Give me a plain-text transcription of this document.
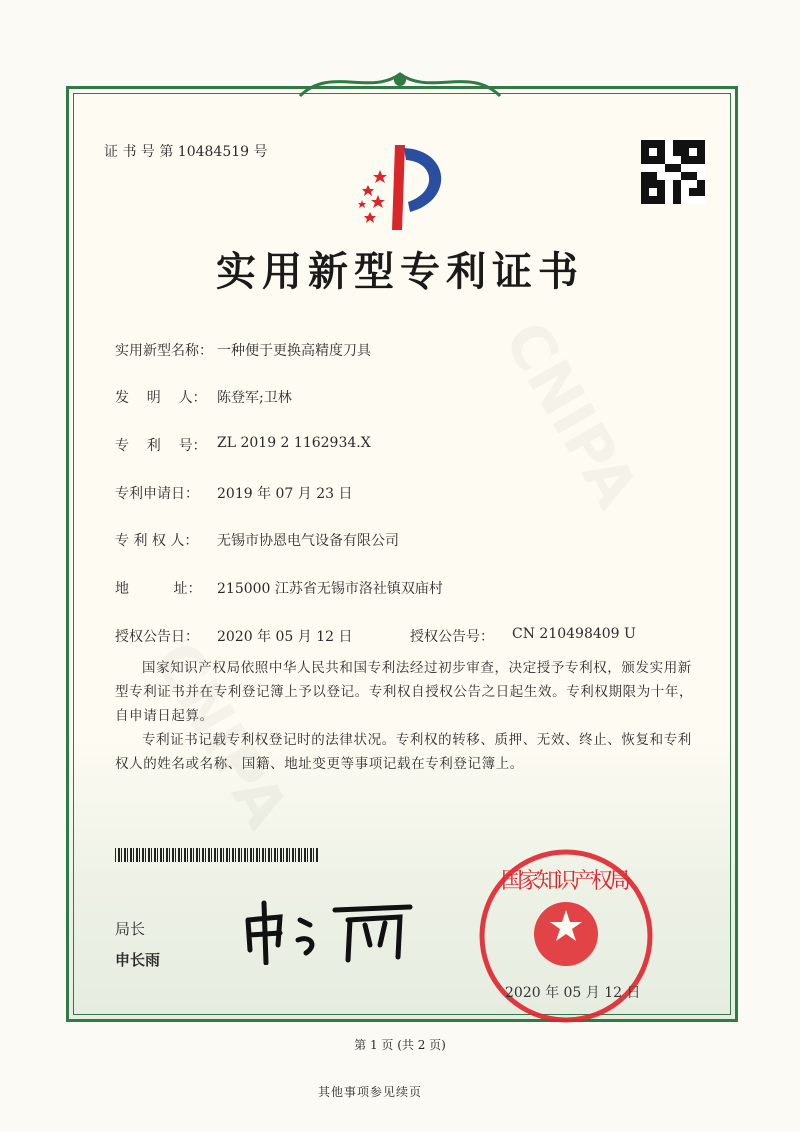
证 书 号 第 10484519 号
实用新型专利证书
实用新型名称： 一种便于更换高精度刀具
发    明    人： 陈登军;卫林
专    利    号： ZL 2019 2 1162934.X
专利申请日： 2019 年 07 月 23 日
专 利 权 人： 无锡市协恩电气设备有限公司
地          址： 215000 江苏省无锡市洛社镇双庙村
授权公告日： 2020 年 05 月 12 日	授权公告号： CN 210498409 U

国家知识产权局依照中华人民共和国专利法经过初步审查，决定授予专利权，颁发实用新型专利证书并在专利登记簿上予以登记。专利权自授权公告之日起生效。专利权期限为十年，自申请日起算。

专利证书记载专利权登记时的法律状况。专利权的转移、质押、无效、终止、恢复和专利权人的姓名或名称、国籍、地址变更等事项记载在专利登记簿上。

局长
申长雨
国家知识产权局
2020 年 05 月 12 日
第 1 页 (共 2 页)
其他事项参见续页
